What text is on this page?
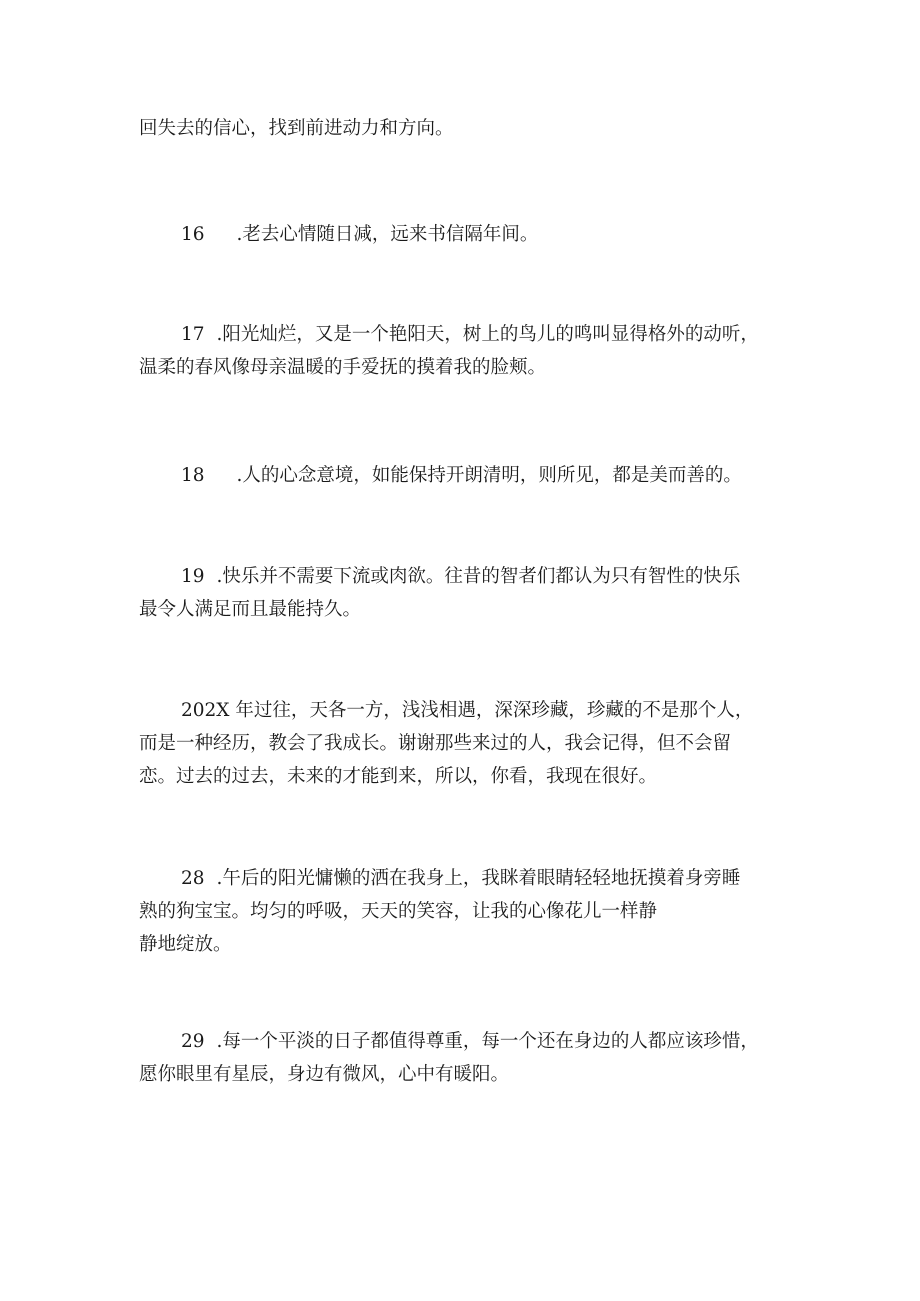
回失去的信心，找到前进动力和方向。

16 .老去心情随日减，远来书信隔年间。

17 .阳光灿烂，又是一个艳阳天，树上的鸟儿的鸣叫显得格外的动听，
温柔的春风像母亲温暖的手爱抚的摸着我的脸颊。

18 .人的心念意境，如能保持开朗清明，则所见，都是美而善的。

19 .快乐并不需要下流或肉欲。往昔的智者们都认为只有智性的快乐
最令人满足而且最能持久。

202X 年过往，天各一方，浅浅相遇，深深珍藏，珍藏的不是那个人，
而是一种经历，教会了我成长。谢谢那些来过的人，我会记得，但不会留
恋。过去的过去，未来的才能到来，所以，你看，我现在很好。

28 .午后的阳光慵懒的洒在我身上，我眯着眼睛轻轻地抚摸着身旁睡
熟的狗宝宝。均匀的呼吸，天天的笑容，让我的心像花儿一样静
静地绽放。

29 .每一个平淡的日子都值得尊重，每一个还在身边的人都应该珍惜，
愿你眼里有星辰，身边有微风，心中有暖阳。
